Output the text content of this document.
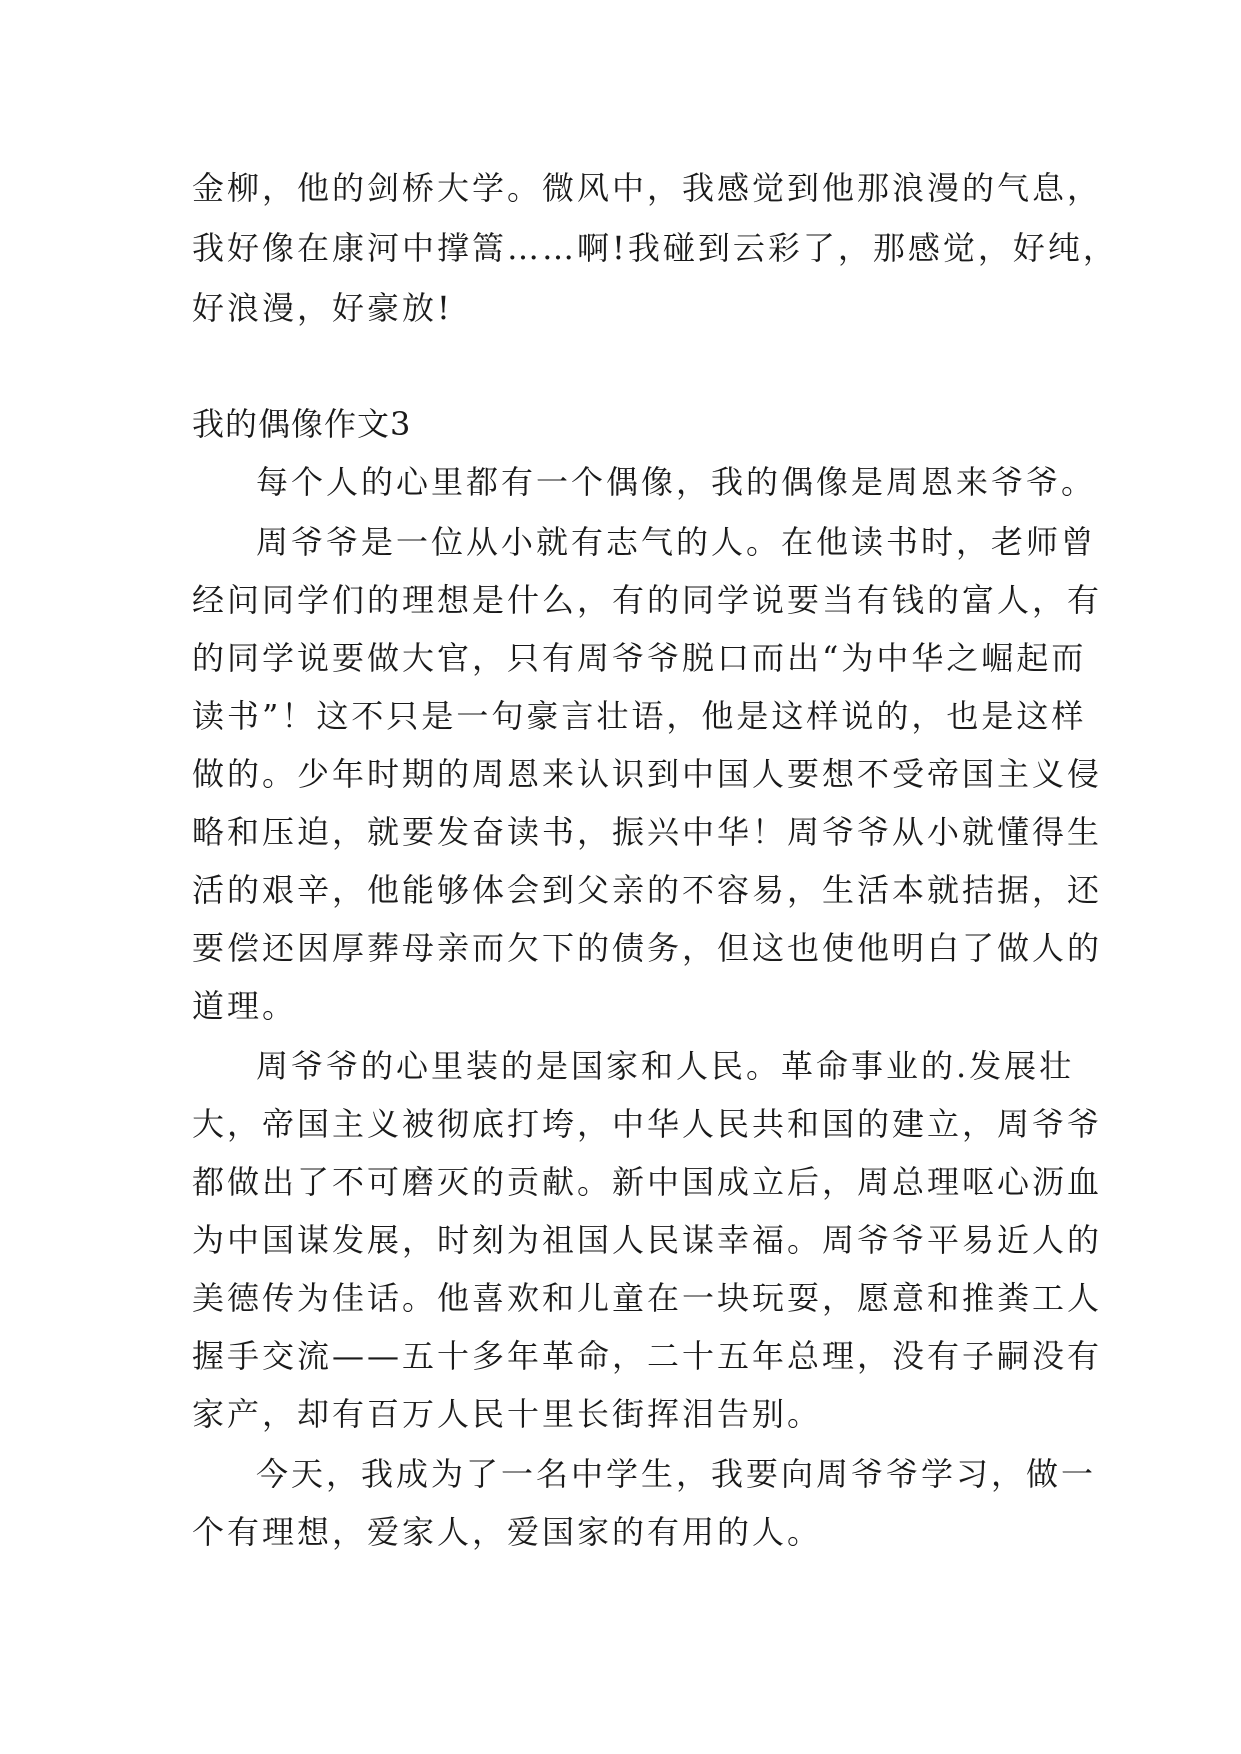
金柳，他的剑桥大学。微风中，我感觉到他那浪漫的气息，

我好像在康河中撑篙……啊!我碰到云彩了，那感觉，好纯，

好浪漫，好豪放!

我的偶像作文3

每个人的心里都有一个偶像，我的偶像是周恩来爷爷。

周爷爷是一位从小就有志气的人。在他读书时，老师曾

经问同学们的理想是什么，有的同学说要当有钱的富人，有

的同学说要做大官，只有周爷爷脱口而出“为中华之崛起而

读书”！这不只是一句豪言壮语，他是这样说的，也是这样

做的。少年时期的周恩来认识到中国人要想不受帝国主义侵

略和压迫，就要发奋读书，振兴中华！周爷爷从小就懂得生

活的艰辛，他能够体会到父亲的不容易，生活本就拮据，还

要偿还因厚葬母亲而欠下的债务，但这也使他明白了做人的

道理。

周爷爷的心里装的是国家和人民。革命事业的.发展壮

大，帝国主义被彻底打垮，中华人民共和国的建立，周爷爷

都做出了不可磨灭的贡献。新中国成立后，周总理呕心沥血

为中国谋发展，时刻为祖国人民谋幸福。周爷爷平易近人的

美德传为佳话。他喜欢和儿童在一块玩耍，愿意和推粪工人

握手交流——五十多年革命，二十五年总理，没有子嗣没有

家产，却有百万人民十里长街挥泪告别。

今天，我成为了一名中学生，我要向周爷爷学习，做一

个有理想，爱家人，爱国家的有用的人。
